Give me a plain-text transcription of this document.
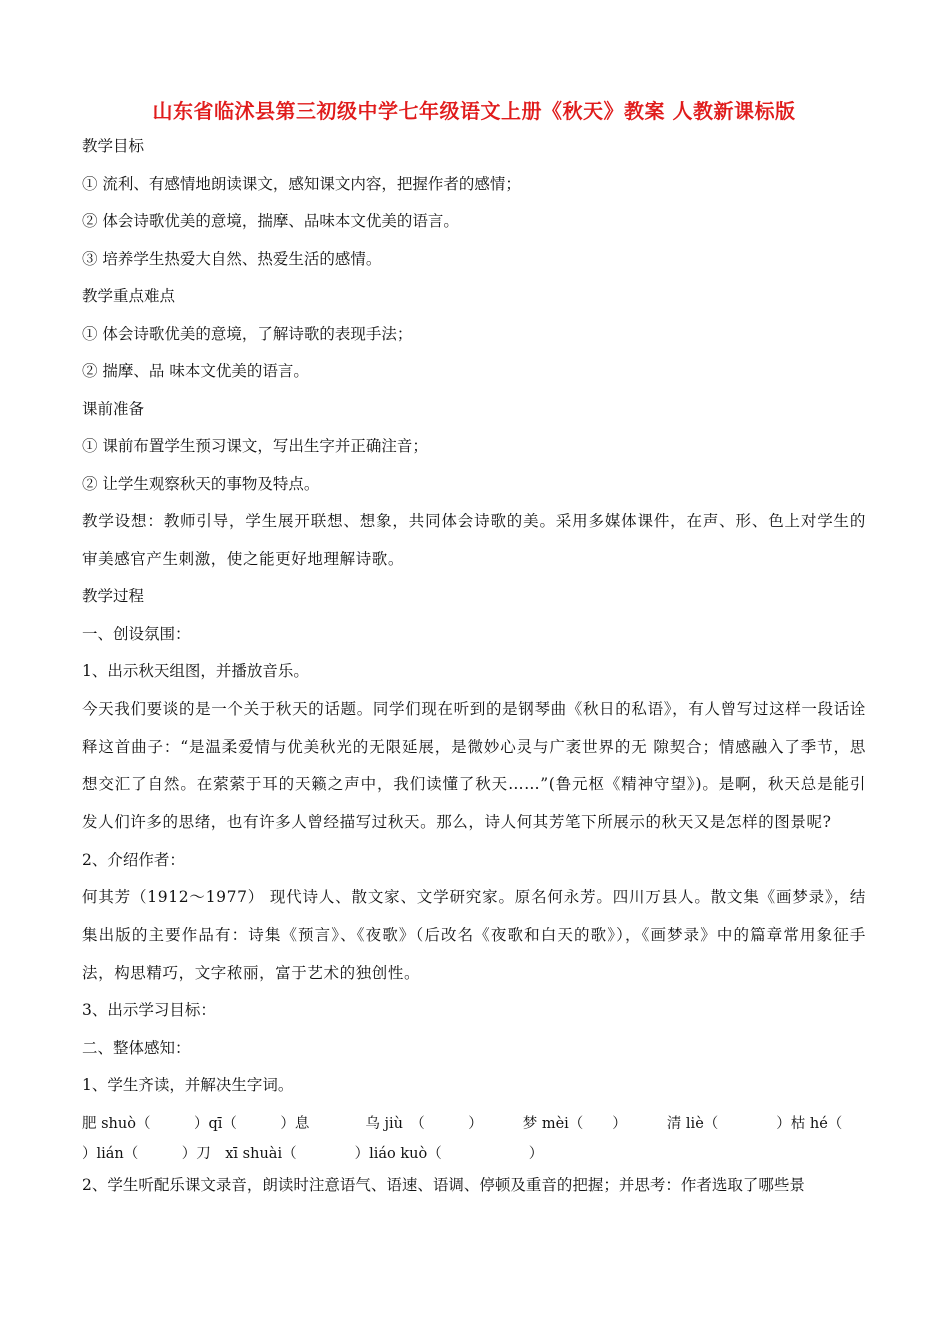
山东省临沭县第三初级中学七年级语文上册《秋天》教案 人教新课标版

教学目标

① 流利、有感情地朗读课文，感知课文内容，把握作者的感情；

② 体会诗歌优美的意境，揣摩、品味本文优美的语言。

③ 培养学生热爱大自然、热爱生活的感情。

教学重点难点

① 体会诗歌优美的意境，了解诗歌的表现手法；

② 揣摩、品 味本文优美的语言。

课前准备

① 课前布置学生预习课文，写出生字并正确注音；

② 让学生观察秋天的事物及特点。

教学设想：教师引导，学生展开联想、想象，共同体会诗歌的美。采用多媒体课件，在声、形、色上对学生的审美感官产生刺激，使之能更好地理解诗歌。

教学过程

一、创设氛围：

1、出示秋天组图，并播放音乐。

今天我们要谈的是一个关于秋天的话题。同学们现在听到的是钢琴曲《秋日的私语》，有人曾写过这样一段话诠释这首曲子：“是温柔爱情与优美秋光的无限延展，是微妙心灵与广袤世界的无 隙契合；情感融入了季节，思想交汇了自然。在萦萦于耳的天籁之声中，我们读懂了秋天……”(鲁元枢《精神守望》)。是啊，秋天总是能引发人们许多的思绪，也有许多人曾经描写过秋天。那么，诗人何其芳笔下所展示的秋天又是怎样的图景呢?

2、介绍作者：

何其芳（1912～1977） 现代诗人、散文家、文学研究家。原名何永芳。四川万县人。散文集《画梦录》，结集出版的主要作品有：诗集《预言》、《夜歌》（后改名《夜歌和白天的歌》），《画梦录》中的篇章常用象征手法，构思精巧，文字秾丽，富于艺术的独创性。

3、出示学习目标：

二、整体感知：

1、学生齐读，并解决生字词。

肥 shuò（　　　）qī（　　　）息	乌 jiù　（　　　）	梦 mèi（　　）	清 liè（　　　　）枯 hé（

）lián（　　　）刀　xī shuài（　　　　）liáo kuò（　　　　　　）

2、学生听配乐课文录音，朗读时注意语气、语速、语调、停顿及重音的把握；并思考：作者选取了哪些景
